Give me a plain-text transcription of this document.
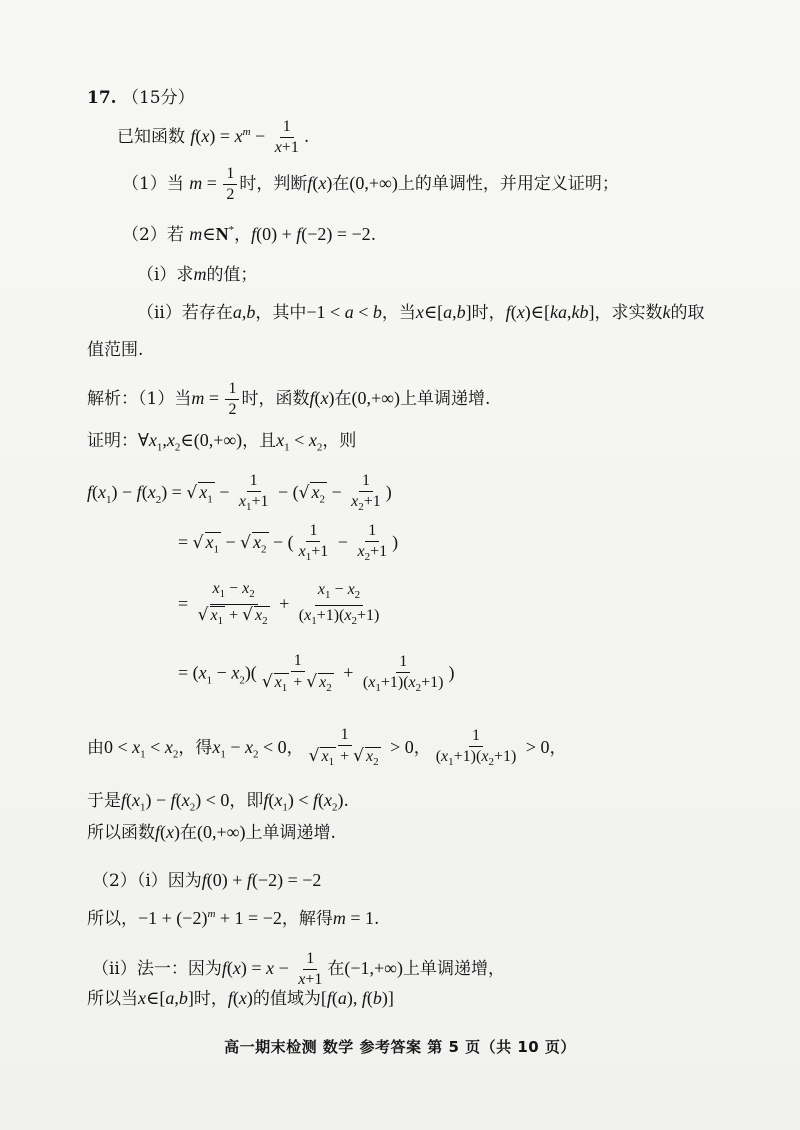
17. （15分）
已知函数 $f(x) = x^m - \frac{1}{x+1}$ .
（1）当 $m = \frac{1}{2}$ 时，判断f(x)在(0,+∞)上的单调性，并用定义证明；
（2）若 m∈N*，f(0) + f(−2) = −2.
（i）求m的值；
（ii）若存在a,b，其中−1 < a < b，当x∈[a,b]时，f(x)∈[ka,kb]，求实数k的取
值范围.
解析：（1）当$m = \frac{1}{2}$ 时，函数f(x)在(0,+∞)上单调递增.
证明：$\forall x_1,x_2\in(0,+\infty)$，且$x_1 < x_2$，则
$f(x_1) - f(x_2)$ = √ $x_1 - \frac{1}{x_1+1}$ − (√ $x_2 - \frac{1}{x_2+1}$ )
= √ $x_1$ − √ $x_2$ − ( $\frac{1}{x_1+1} - \frac{1}{x_2+1}$ )
= $\frac{x_1 - x_2}{√ x_1 + √ x_2} + \frac{x_1 - x_2}{(x_1+1)(x_2+1)}$
= $(x_1 - x_2)( \frac{1}{√ x_1 + √ x_2} + \frac{1}{(x_1+1)(x_2+1)}$ )
由$0 < x_1 < x_2$，得$x_1 - x_2 < 0$， $\frac{1}{√ x_1 + √ x_2} > 0$， $\frac{1}{(x_1+1)(x_2+1)} > 0$，
于是$f(x_1) - f(x_2) < 0$，即$f(x_1) < f(x_2)$.
所以函数f(x)在(0,+∞)上单调递增.
（2）（i）因为f(0) + f(−2) = −2
所以，$-1 + (-2)^m + 1 = -2$，解得m = 1.
（ii）法一：因为$f(x) = x - \frac{1}{x+1}$ 在(−1,+∞)上单调递增，
所以当x∈[a,b]时，f(x)的值域为[f(a), f(b)]
高一期末检测 数学 参考答案 第 5 页（共 10 页）
